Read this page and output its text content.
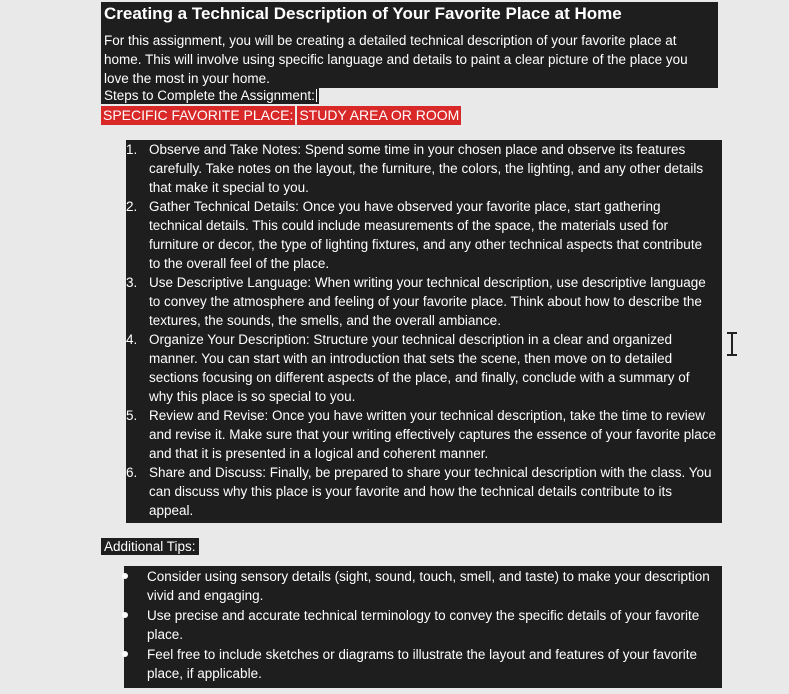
Creating a Technical Description of Your Favorite Place at Home
For this assignment, you will be creating a detailed technical description of your favorite place at home. This will involve using specific language and details to paint a clear picture of the place you love the most in your home.
Steps to Complete the Assignment:
SPECIFIC FAVORITE PLACE: STUDY AREA OR ROOM
1. Observe and Take Notes: Spend some time in your chosen place and observe its features carefully. Take notes on the layout, the furniture, the colors, the lighting, and any other details that make it special to you.
2. Gather Technical Details: Once you have observed your favorite place, start gathering technical details. This could include measurements of the space, the materials used for furniture or decor, the type of lighting fixtures, and any other technical aspects that contribute to the overall feel of the place.
3. Use Descriptive Language: When writing your technical description, use descriptive language to convey the atmosphere and feeling of your favorite place. Think about how to describe the textures, the sounds, the smells, and the overall ambiance.
4. Organize Your Description: Structure your technical description in a clear and organized manner. You can start with an introduction that sets the scene, then move on to detailed sections focusing on different aspects of the place, and finally, conclude with a summary of why this place is so special to you.
5. Review and Revise: Once you have written your technical description, take the time to review and revise it. Make sure that your writing effectively captures the essence of your favorite place and that it is presented in a logical and coherent manner.
6. Share and Discuss: Finally, be prepared to share your technical description with the class. You can discuss why this place is your favorite and how the technical details contribute to its appeal.
Additional Tips:
Consider using sensory details (sight, sound, touch, smell, and taste) to make your description vivid and engaging.
Use precise and accurate technical terminology to convey the specific details of your favorite place.
Feel free to include sketches or diagrams to illustrate the layout and features of your favorite place, if applicable.
